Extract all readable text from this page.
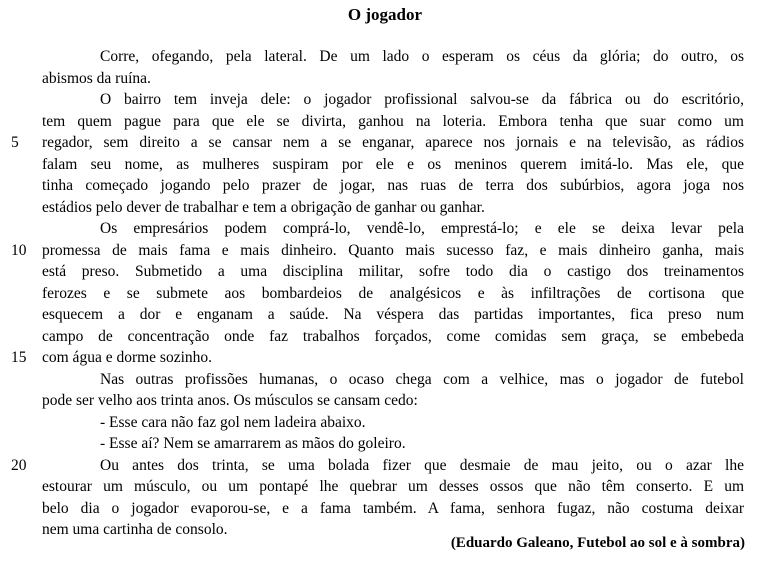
O jogador
Corre, ofegando, pela lateral. De um lado o esperam os céus da glória; do outro, os
abismos da ruína.
O bairro tem inveja dele: o jogador profissional salvou-se da fábrica ou do escritório,
tem quem pague para que ele se divirta, ganhou na loteria. Embora tenha que suar como um
5	regador, sem direito a se cansar nem a se enganar, aparece nos jornais e na televisão, as rádios
falam seu nome, as mulheres suspiram por ele e os meninos querem imitá-lo. Mas ele, que
tinha começado jogando pelo prazer de jogar, nas ruas de terra dos subúrbios, agora joga nos
estádios pelo dever de trabalhar e tem a obrigação de ganhar ou ganhar.
Os empresários podem comprá-lo, vendê-lo, emprestá-lo; e ele se deixa levar pela
10	promessa de mais fama e mais dinheiro. Quanto mais sucesso faz, e mais dinheiro ganha, mais
está preso. Submetido a uma disciplina militar, sofre todo dia o castigo dos treinamentos
ferozes e se submete aos bombardeios de analgésicos e às infiltrações de cortisona que
esquecem a dor e enganam a saúde. Na véspera das partidas importantes, fica preso num
campo de concentração onde faz trabalhos forçados, come comidas sem graça, se embebeda
15	com água e dorme sozinho.
Nas outras profissões humanas, o ocaso chega com a velhice, mas o jogador de futebol
pode ser velho aos trinta anos. Os músculos se cansam cedo:
- Esse cara não faz gol nem ladeira abaixo.
- Esse aí? Nem se amarrarem as mãos do goleiro.
20	Ou antes dos trinta, se uma bolada fizer que desmaie de mau jeito, ou o azar lhe
estourar um músculo, ou um pontapé lhe quebrar um desses ossos que não têm conserto. E um
belo dia o jogador evaporou-se, e a fama também. A fama, senhora fugaz, não costuma deixar
nem uma cartinha de consolo.
(Eduardo Galeano, Futebol ao sol e à sombra)
